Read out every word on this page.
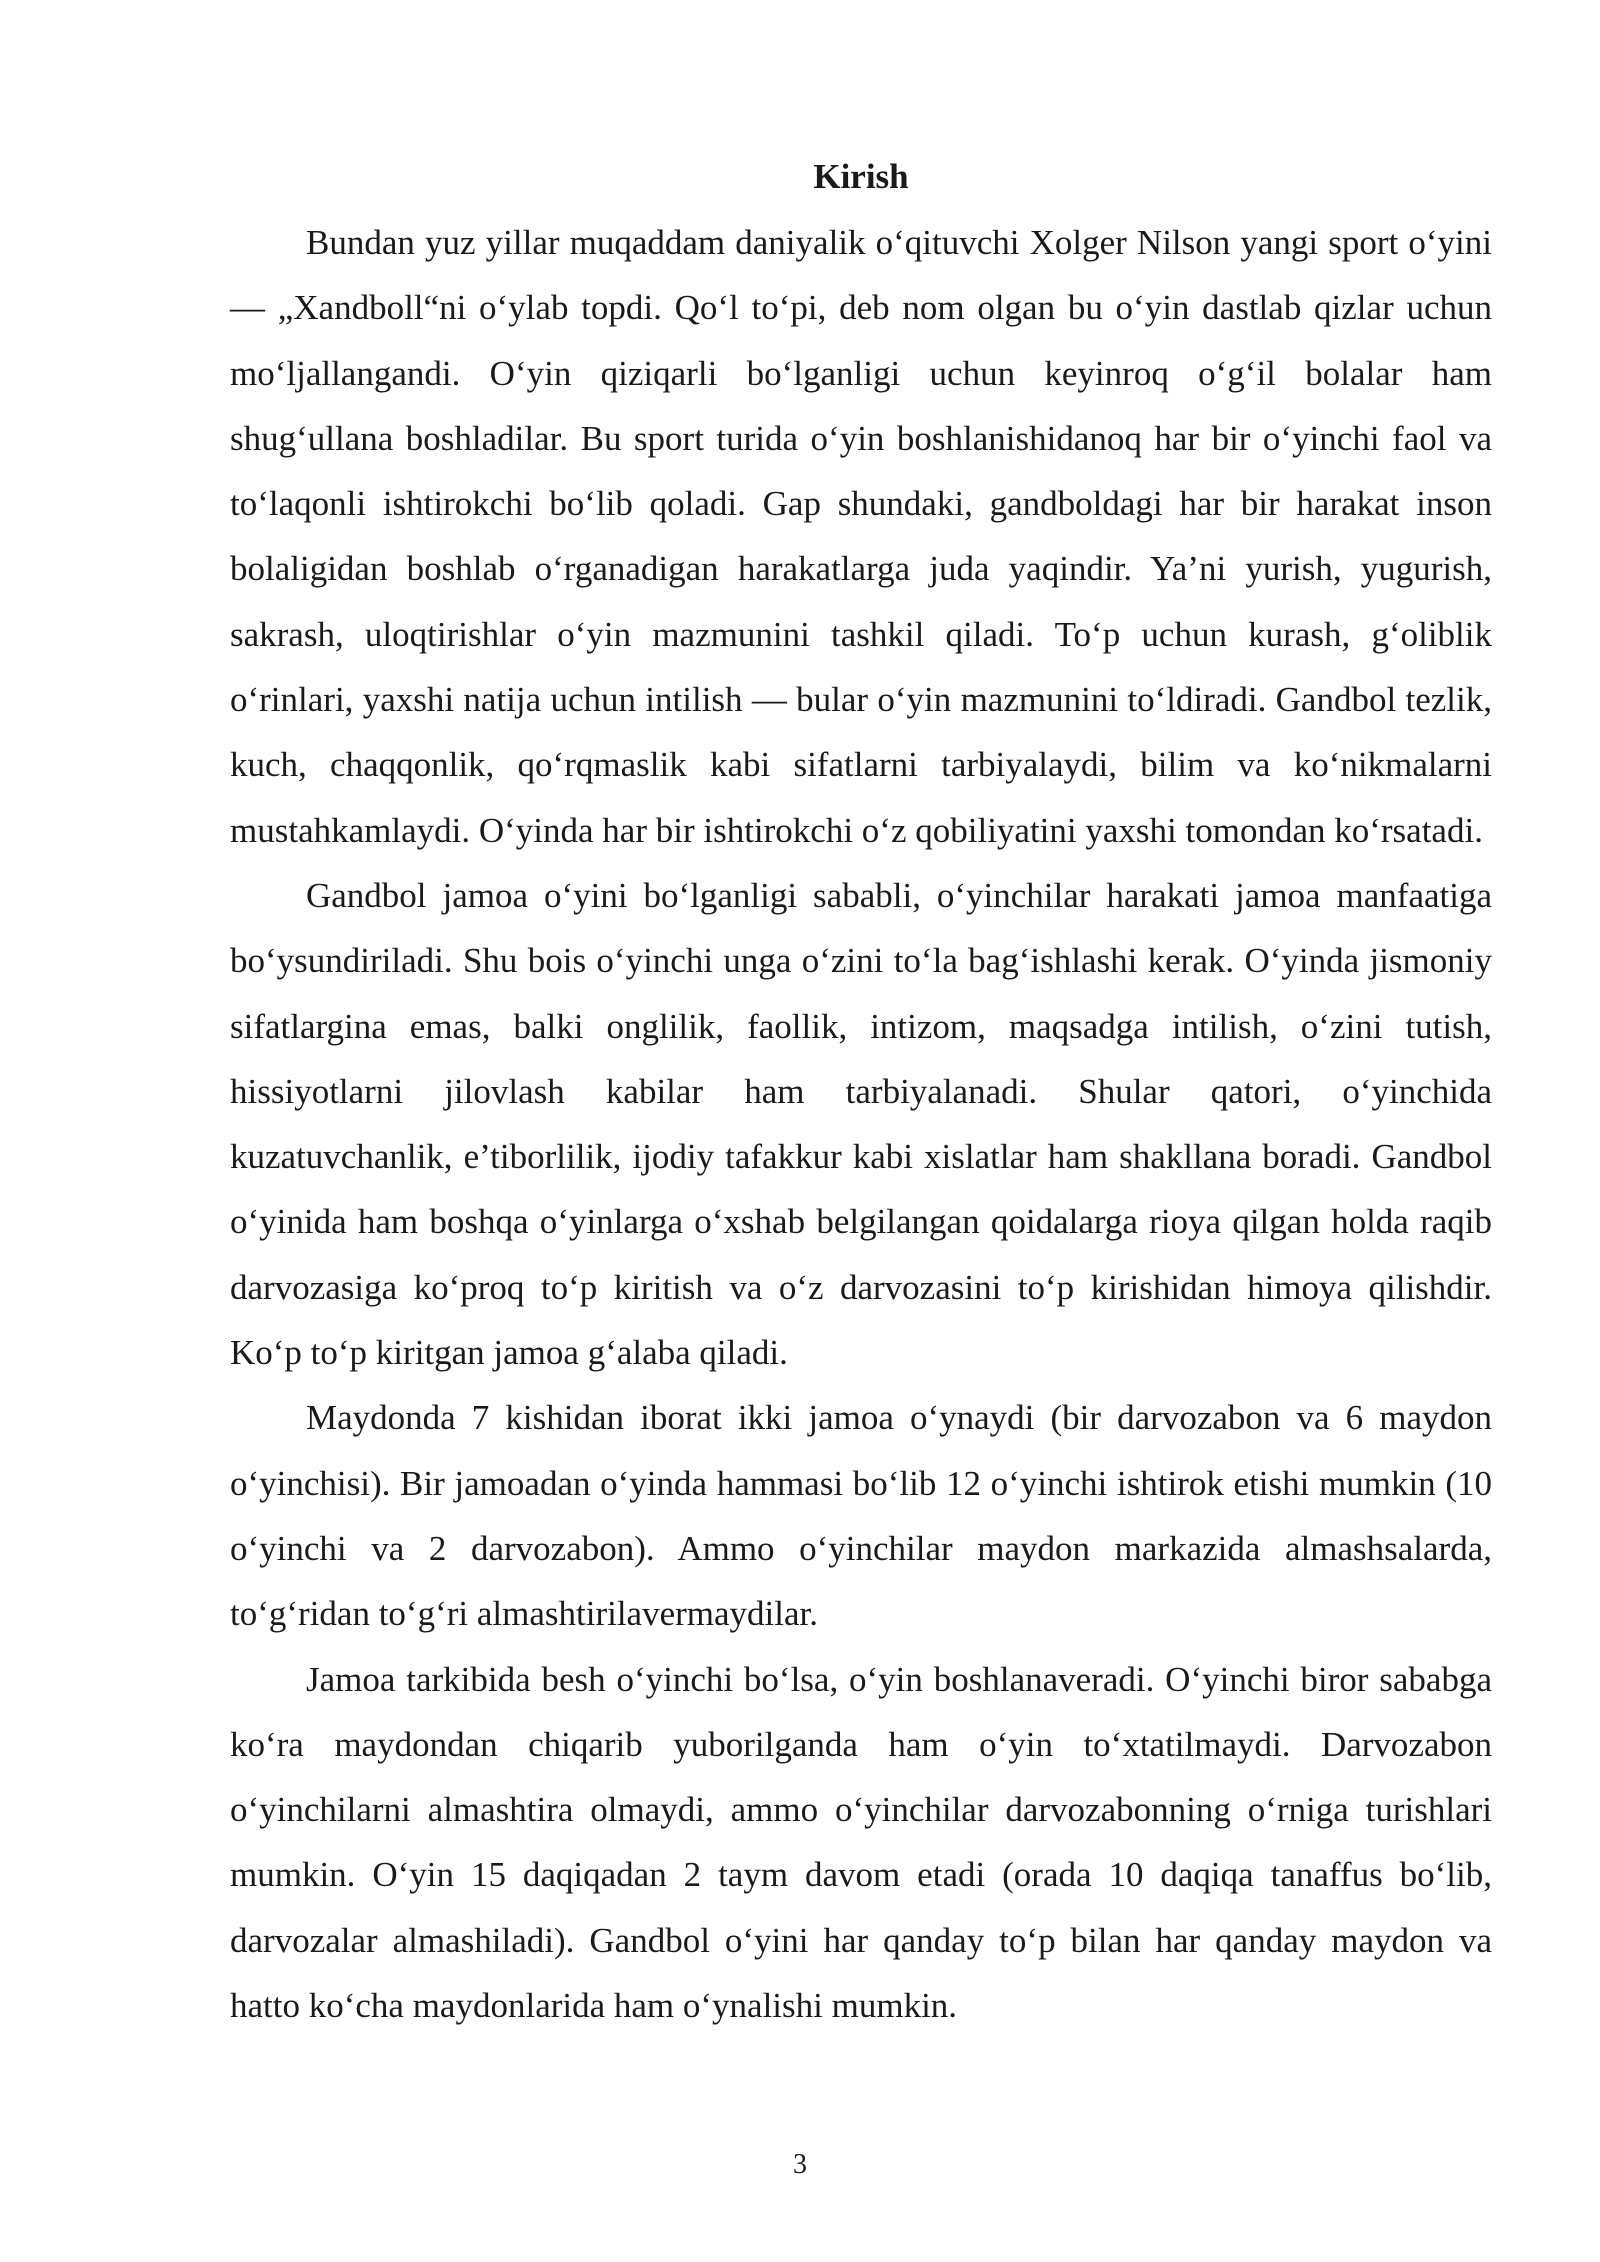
Kirish

Bundan yuz yillar muqaddam daniyalik o‘qituvchi Xolger Nilson yangi sport o‘yini — „Xandboll“ni o‘ylab topdi. Qo‘l to‘pi, deb nom olgan bu o‘yin dastlab qizlar uchun mo‘ljallangandi. O‘yin qiziqarli bo‘lganligi uchun keyinroq o‘g‘il bolalar ham shug‘ullana boshladilar. Bu sport turida o‘yin boshlanishidanoq har bir o‘yinchi faol va to‘laqonli ishtirokchi bo‘lib qoladi. Gap shundaki, gandboldagi har bir harakat inson bolaligidan boshlab o‘rganadigan harakatlarga juda yaqindir. Ya’ni yurish, yugurish, sakrash, uloqtirishlar o‘yin mazmunini tashkil qiladi. To‘p uchun kurash, g‘oliblik o‘rinlari, yaxshi natija uchun intilish — bular o‘yin mazmunini to‘ldiradi. Gandbol tezlik, kuch, chaqqonlik, qo‘rqmaslik kabi sifatlarni tarbiyalaydi, bilim va ko‘nikmalarni mustahkamlaydi. O‘yinda har bir ishtirokchi o‘z qobiliyatini yaxshi tomondan ko‘rsatadi.

Gandbol jamoa o‘yini bo‘lganligi sababli, o‘yinchilar harakati jamoa manfaatiga bo‘ysundiriladi. Shu bois o‘yinchi unga o‘zini to‘la bag‘ishlashi kerak. O‘yinda jismoniy sifatlargina emas, balki onglilik, faollik, intizom, maqsadga intilish, o‘zini tutish, hissiyotlarni jilovlash kabilar ham tarbiyalanadi. Shular qatori, o‘yinchida kuzatuvchanlik, e’tiborlilik, ijodiy tafakkur kabi xislatlar ham shakllana boradi. Gandbol o‘yinida ham boshqa o‘yinlarga o‘xshab belgilangan qoidalarga rioya qilgan holda raqib darvozasiga ko‘proq to‘p kiritish va o‘z darvozasini to‘p kirishidan himoya qilishdir. Ko‘p to‘p kiritgan jamoa g‘alaba qiladi.

Maydonda 7 kishidan iborat ikki jamoa o‘ynaydi (bir darvozabon va 6 maydon o‘yinchisi). Bir jamoadan o‘yinda hammasi bo‘lib 12 o‘yinchi ishtirok etishi mumkin (10 o‘yinchi va 2 darvozabon). Ammo o‘yinchilar maydon markazida almashsalarda, to‘g‘ridan to‘g‘ri almashtirilavermaydilar.

Jamoa tarkibida besh o‘yinchi bo‘lsa, o‘yin boshlanaveradi. O‘yinchi biror sababga ko‘ra maydondan chiqarib yuborilganda ham o‘yin to‘xtatilmaydi. Darvozabon o‘yinchilarni almashtira olmaydi, ammo o‘yinchilar darvozabonning o‘rniga turishlari mumkin. O‘yin 15 daqiqadan 2 taym davom etadi (orada 10 daqiqa tanaffus bo‘lib, darvozalar almashiladi). Gandbol o‘yini har qanday to‘p bilan har qanday maydon va hatto ko‘cha maydonlarida ham o‘ynalishi mumkin.

3
